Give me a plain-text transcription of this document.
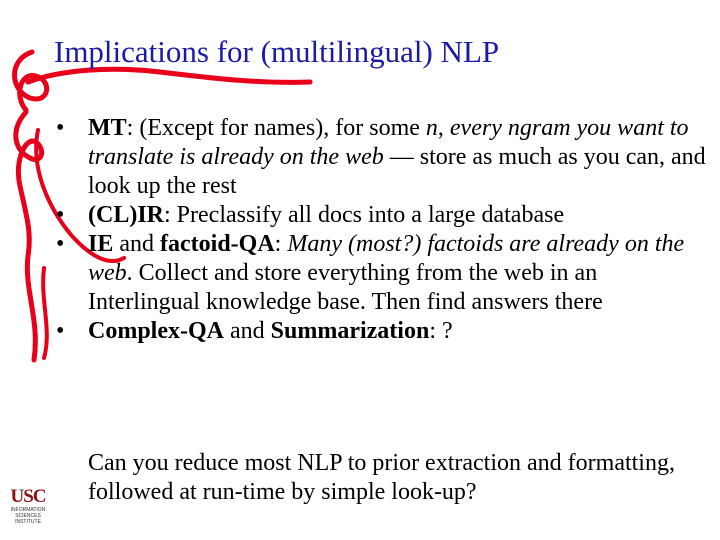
Implications for (multilingual) NLP
• MT: (Except for names), for some n, every ngram you want to translate is already on the web — store as much as you can, and look up the rest
• (CL)IR: Preclassify all docs into a large database
• IE and factoid-QA: Many (most?) factoids are already on the web. Collect and store everything from the web in an Interlingual knowledge base. Then find answers there
• Complex-QA and Summarization: ?
Can you reduce most NLP to prior extraction and formatting, followed at run-time by simple look-up?
USC
INFORMATION
SCIENCES
INSTITUTE
